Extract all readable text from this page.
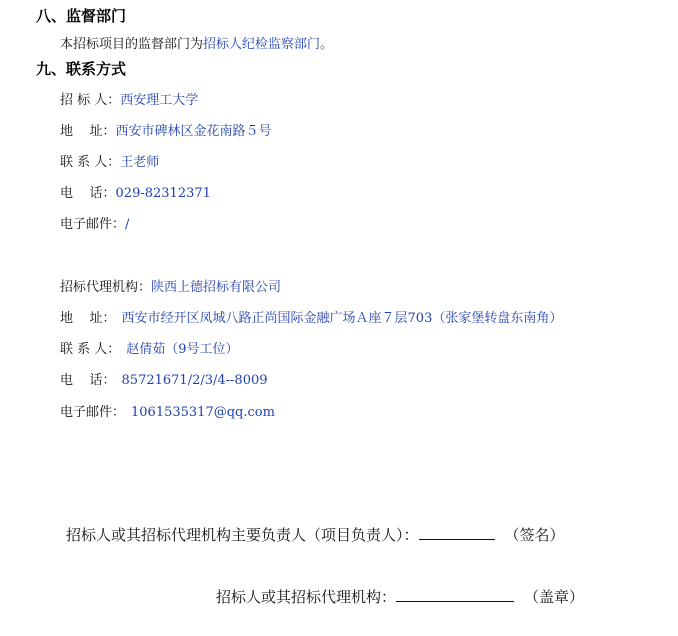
八、监督部门
本招标项目的监督部门为招标人纪检监察部门。
九、联系方式
招 标 人：西安理工大学
地    址：西安市碑林区金花南路５号
联 系 人：王老师
电    话：029-82312371
电子邮件：/
招标代理机构：陕西上德招标有限公司
地    址： 西安市经开区凤城八路正尚国际金融广场Ａ座７层703（张家堡转盘东南角）
联 系 人： 赵倩茹（9号工位）
电    话： 85721671/2/3/4--8009
电子邮件： 1061535317@qq.com
招标人或其招标代理机构主要负责人（项目负责人）：	（签名）
招标人或其招标代理机构：	（盖章）
